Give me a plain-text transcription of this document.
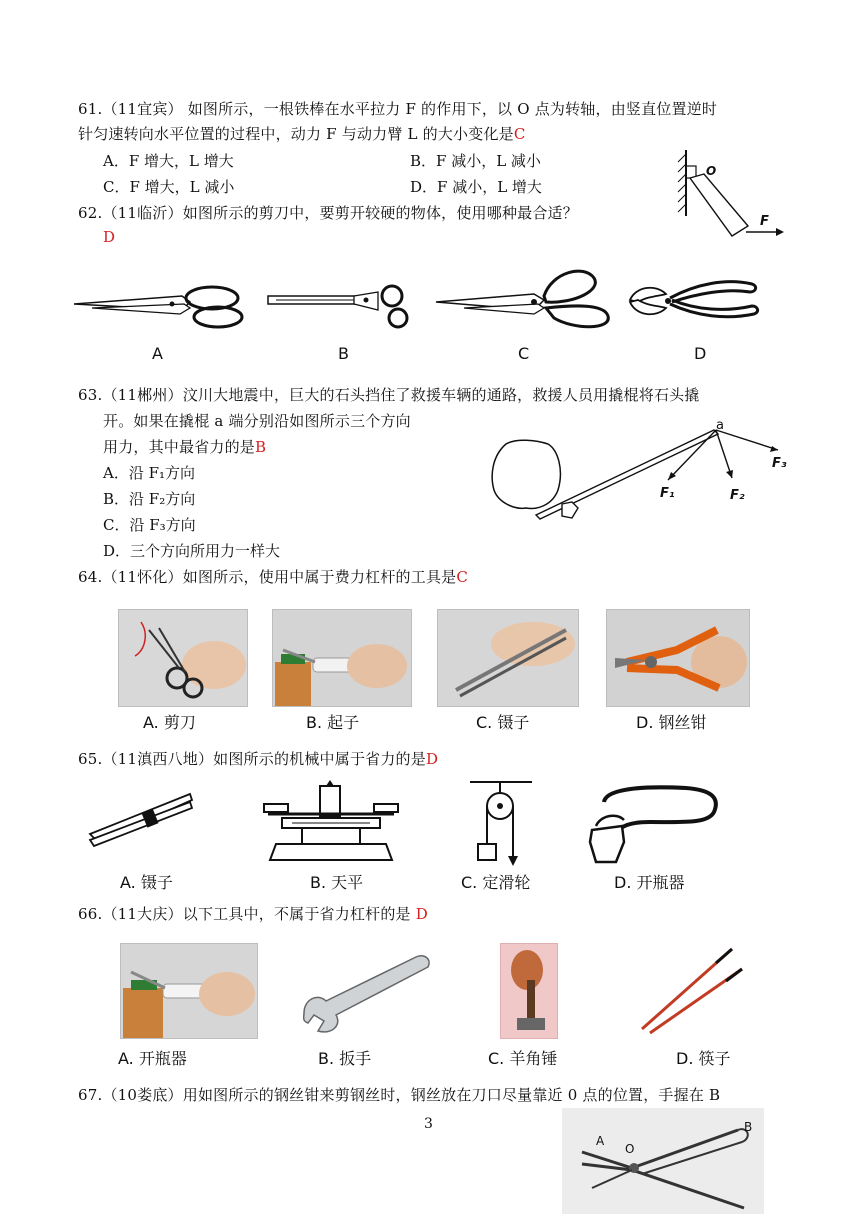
61.（11宜宾） 如图所示，一根铁棒在水平拉力 F 的作用下，以 O 点为转轴，由竖直位置逆时
针匀速转向水平位置的过程中，动力 F 与动力臂 L 的大小变化是C
A．F 增大，L 增大	B．F 减小，L 减小
C．F 增大，L 减小	D．F 减小，L 增大
O
F
62.（11临沂）如图所示的剪刀中，要剪开较硬的物体，使用哪种最合适？
D
A	B	C	D
63.（11郴州）汶川大地震中，巨大的石头挡住了救援车辆的通路，救援人员用撬棍将石头撬
开。如果在撬棍 a 端分别沿如图所示三个方向
用力，其中最省力的是B
A．沿 F₁方向
B．沿 F₂方向
C．沿 F₃方向
D．三个方向所用力一样大
a
F₁	F₂
F₃
64.（11怀化）如图所示，使用中属于费力杠杆的工具是C
A. 剪刀	B. 起子	C. 镊子	D. 钢丝钳
65.（11滇西八地）如图所示的机械中属于省力的是D
A. 镊子	B. 天平	C. 定滑轮	D. 开瓶器
66.（11大庆）以下工具中，不属于省力杠杆的是 D
A. 开瓶器	B. 扳手	C. 羊角锤	D. 筷子
67.（10娄底）用如图所示的钢丝钳来剪钢丝时，钢丝放在刀口尽量靠近 0 点的位置，手握在 B
3
A
O
B
